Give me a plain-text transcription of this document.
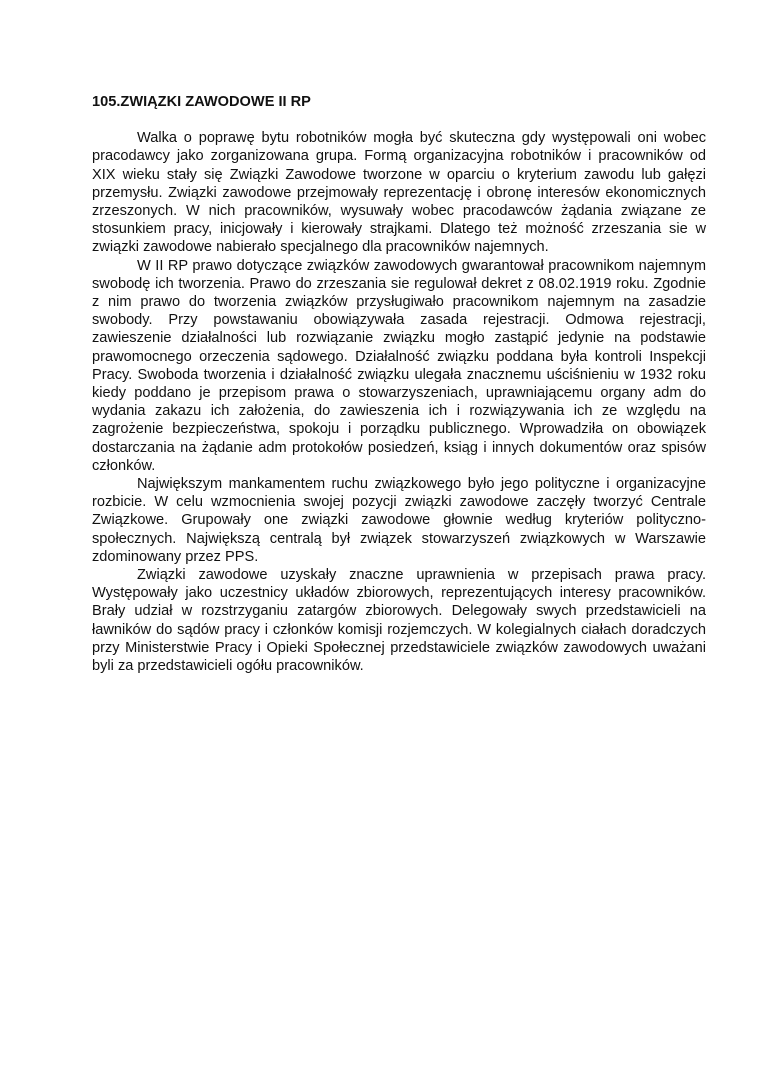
105.ZWIĄZKI ZAWODOWE II RP

Walka o poprawę bytu robotników mogła być skuteczna gdy występowali oni wobec pracodawcy jako zorganizowana grupa. Formą organizacyjna robotników i pracowników od XIX wieku stały się Związki Zawodowe tworzone w oparciu o kryterium zawodu lub gałęzi przemysłu. Związki zawodowe przejmowały reprezentację i obronę interesów ekonomicznych zrzeszonych. W nich pracowników, wysuwały wobec pracodawców żądania związane ze stosunkiem pracy, inicjowały i kierowały strajkami. Dlatego też możność zrzeszania sie w związki zawodowe nabierało specjalnego dla pracowników najemnych.

W II RP prawo dotyczące związków zawodowych gwarantował pracownikom najemnym swobodę ich tworzenia. Prawo do zrzeszania sie regulował dekret z 08.02.1919 roku. Zgodnie z nim prawo do tworzenia związków przysługiwało pracownikom najemnym na zasadzie swobody. Przy powstawaniu obowiązywała zasada rejestracji. Odmowa rejestracji, zawieszenie działalności lub rozwiązanie związku mogło zastąpić jedynie na podstawie prawomocnego orzeczenia sądowego. Działalność związku poddana była kontroli Inspekcji Pracy. Swoboda tworzenia i działalność związku ulegała znacznemu uściśnieniu w 1932 roku kiedy poddano je przepisom prawa o stowarzyszeniach, uprawniającemu organy adm do wydania zakazu ich założenia, do zawieszenia ich i rozwiązywania ich ze względu na zagrożenie bezpieczeństwa, spokoju i porządku publicznego. Wprowadziła on obowiązek dostarczania na żądanie adm protokołów posiedzeń, ksiąg i innych dokumentów oraz spisów członków.

Największym mankamentem ruchu związkowego było jego polityczne i organizacyjne rozbicie. W celu wzmocnienia swojej pozycji związki zawodowe zaczęły tworzyć Centrale Związkowe. Grupowały one związki zawodowe głownie według kryteriów polityczno- społecznych. Największą centralą był związek stowarzyszeń związkowych w Warszawie zdominowany przez PPS.

Związki zawodowe uzyskały znaczne uprawnienia w przepisach prawa pracy. Występowały jako uczestnicy układów zbiorowych, reprezentujących interesy pracowników. Brały udział w rozstrzyganiu zatargów zbiorowych. Delegowały swych przedstawicieli na ławników do sądów pracy i członków komisji rozjemczych. W kolegialnych ciałach doradczych przy Ministerstwie Pracy i Opieki Społecznej przedstawiciele związków zawodowych uważani byli za przedstawicieli ogółu pracowników.
